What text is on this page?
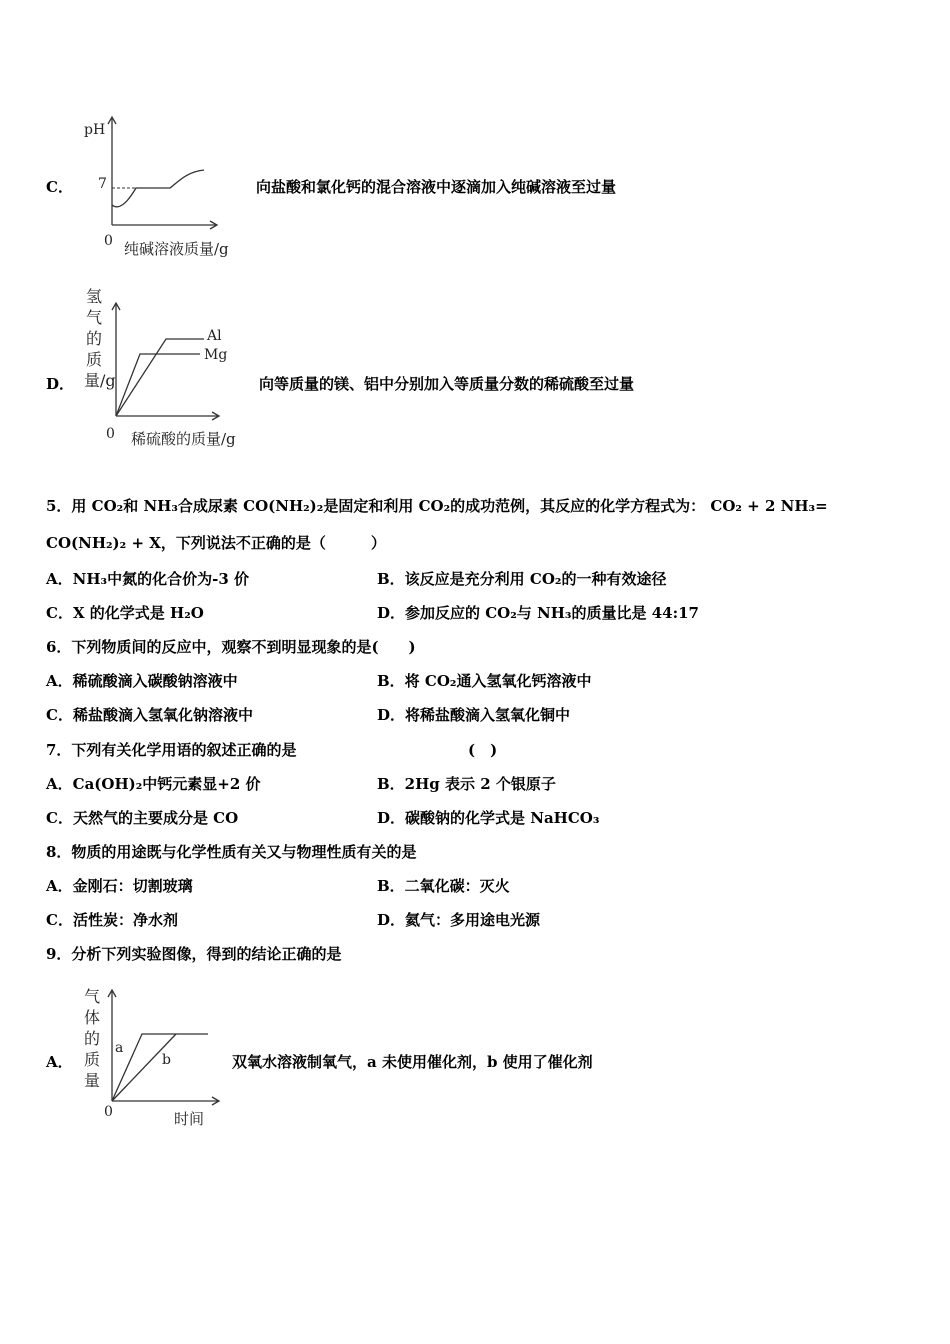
C．
pH
7
0 纯碱溶液质量/g
向盐酸和氯化钙的混合溶液中逐滴加入纯碱溶液至过量
D．
氢气的质量/g
0 稀硫酸的质量/g
Al
Mg
向等质量的镁、铝中分别加入等质量分数的稀硫酸至过量
5．用 CO₂和 NH₃合成尿素 CO(NH₂)₂是固定和利用 CO₂的成功范例，其反应的化学方程式为： CO₂ + 2 NH₃=
CO(NH₂)₂ + X，下列说法不正确的是（　　　）
A．NH₃中氮的化合价为-3 价	B．该反应是充分利用 CO₂的一种有效途径
C．X 的化学式是 H₂O	D．参加反应的 CO₂与 NH₃的质量比是 44:17
6．下列物质间的反应中，观察不到明显现象的是(　　)
A．稀硫酸滴入碳酸钠溶液中	B．将 CO₂通入氢氧化钙溶液中
C．稀盐酸滴入氢氧化钠溶液中	D．将稀盐酸滴入氢氧化铜中
7．下列有关化学用语的叙述正确的是	(　)
A．Ca(OH)₂中钙元素显+2 价	B．2Hg 表示 2 个银原子
C．天然气的主要成分是 CO	D．碳酸钠的化学式是 NaHCO₃
8．物质的用途既与化学性质有关又与物理性质有关的是
A．金刚石：切割玻璃	B．二氧化碳：灭火
C．活性炭：净水剂	D．氦气：多用途电光源
9．分析下列实验图像，得到的结论正确的是
A．
气体的质量
0	时间
a
b	双氧水溶液制氧气，a 未使用催化剂，b 使用了催化剂
